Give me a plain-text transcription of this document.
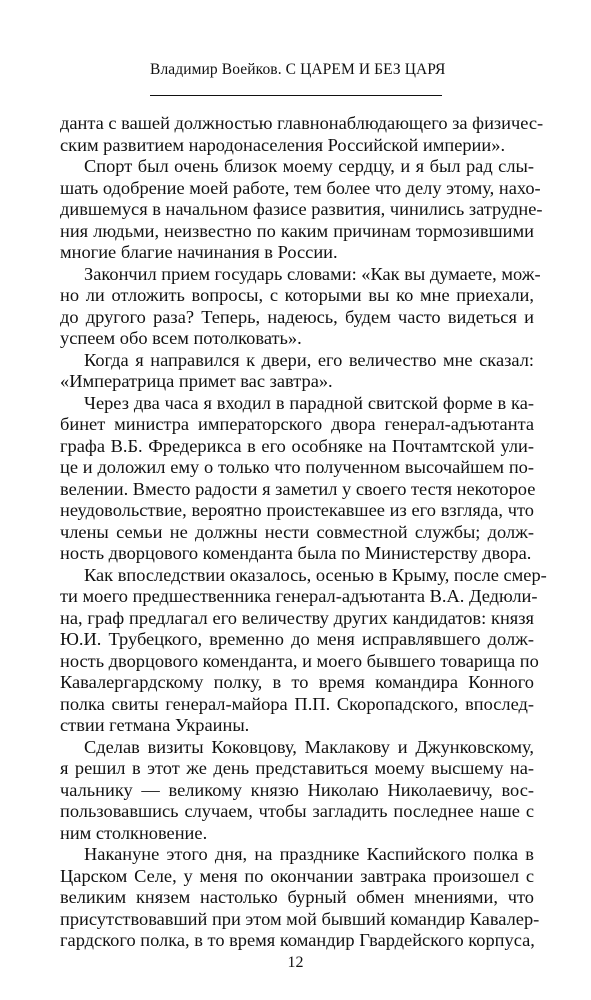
Владимир Воейков. С ЦАРЕМ И БЕЗ ЦАРЯ
данта с вашей должностью главнонаблюдающего за физичес-
ским развитием народонаселения Российской империи».
Спорт был очень близок моему сердцу, и я был рад слы-
шать одобрение моей работе, тем более что делу этому, нахо-
дившемуся в начальном фазисе развития, чинились затрудне-
ния людьми, неизвестно по каким причинам тормозившими
многие благие начинания в России.
Закончил прием государь словами: «Как вы думаете, мож-
но ли отложить вопросы, с которыми вы ко мне приехали,
до другого раза? Теперь, надеюсь, будем часто видеться и
успеем обо всем потолковать».
Когда я направился к двери, его величество мне сказал:
«Императрица примет вас завтра».
Через два часа я входил в парадной свитской форме в ка-
бинет министра императорского двора генерал-адъютанта
графа В.Б. Фредерикса в его особняке на Почтамтской ули-
це и доложил ему о только что полученном высочайшем по-
велении. Вместо радости я заметил у своего тестя некоторое
неудовольствие, вероятно проистекавшее из его взгляда, что
члены семьи не должны нести совместной службы; долж-
ность дворцового коменданта была по Министерству двора.
Как впоследствии оказалось, осенью в Крыму, после смер-
ти моего предшественника генерал-адъютанта В.А. Дедюли-
на, граф предлагал его величеству других кандидатов: князя
Ю.И. Трубецкого, временно до меня исправлявшего долж-
ность дворцового коменданта, и моего бывшего товарища по
Кавалергардскому полку, в то время командира Конного
полка свиты генерал-майора П.П. Скоропадского, впослед-
ствии гетмана Украины.
Сделав визиты Коковцову, Маклакову и Джунковскому,
я решил в этот же день представиться моему высшему на-
чальнику — великому князю Николаю Николаевичу, вос-
пользовавшись случаем, чтобы загладить последнее наше с
ним столкновение.
Накануне этого дня, на празднике Каспийского полка в
Царском Селе, у меня по окончании завтрака произошел с
великим князем настолько бурный обмен мнениями, что
присутствовавший при этом мой бывший командир Кавалер-
гардского полка, в то время командир Гвардейского корпуса,
12
